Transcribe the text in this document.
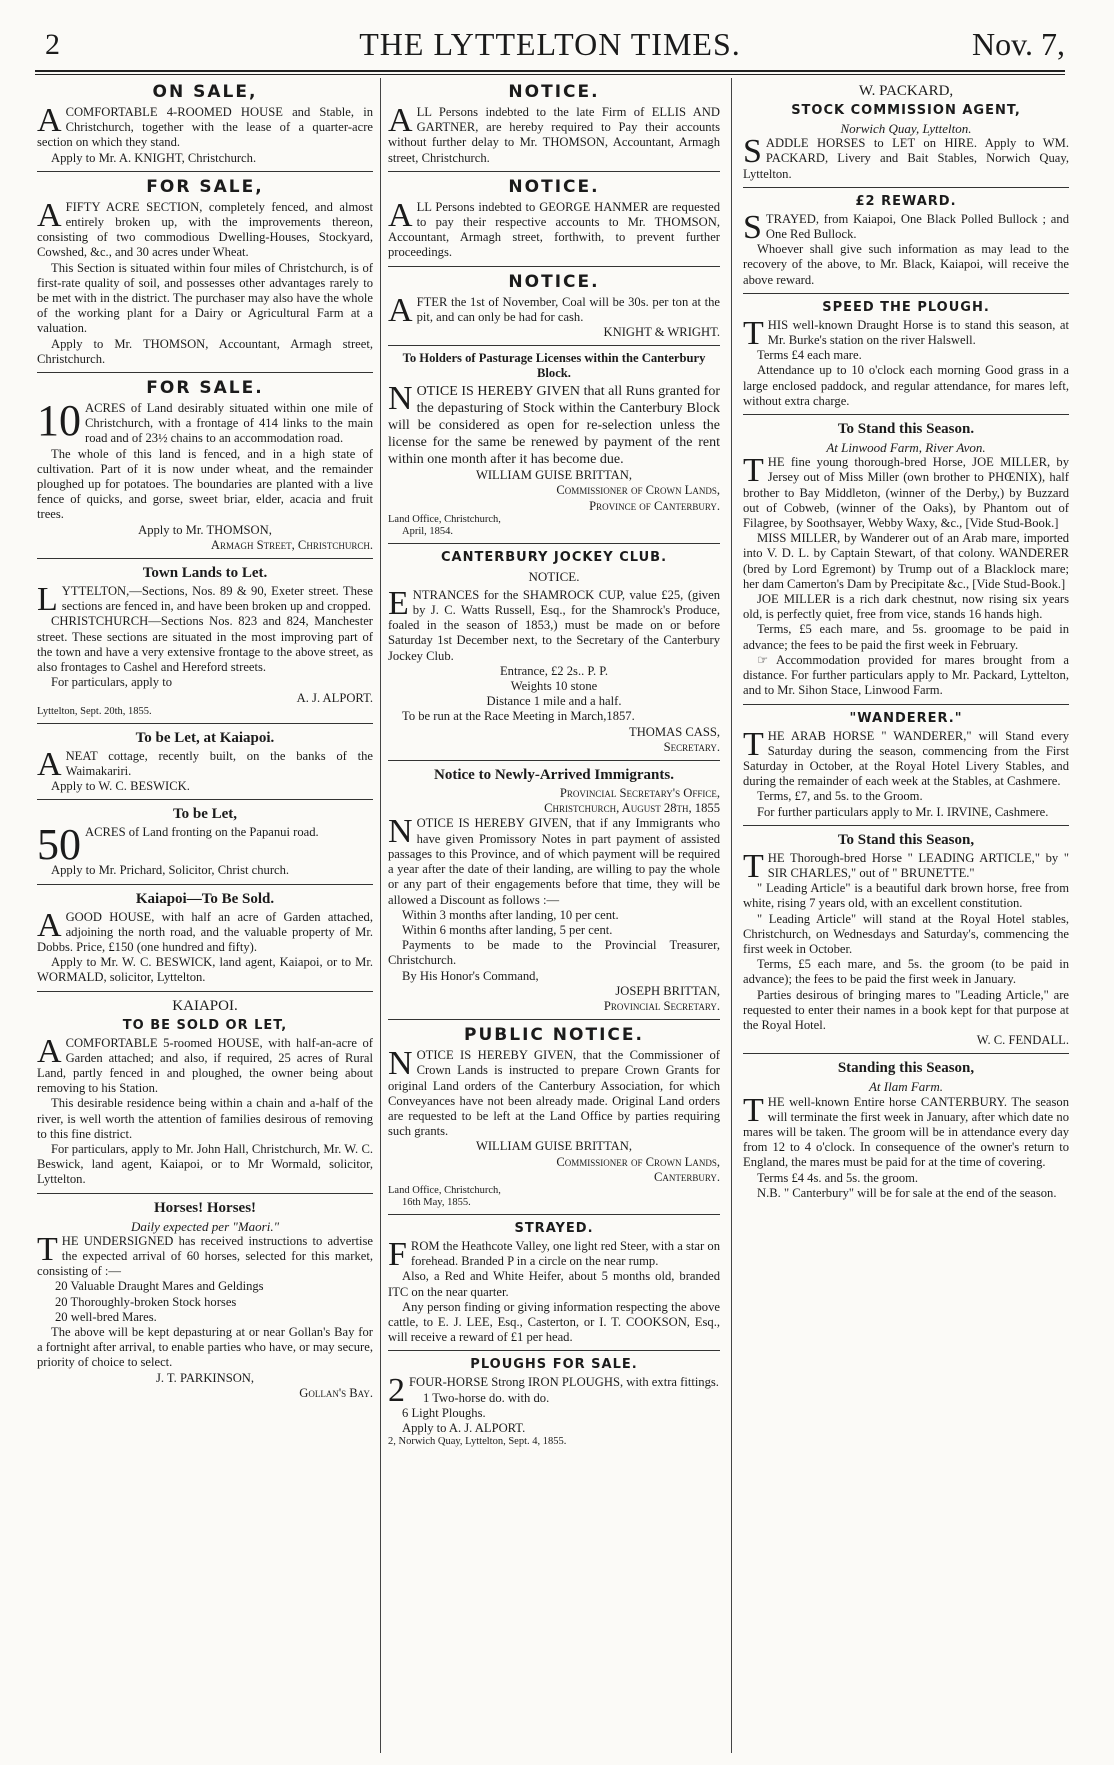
2	THE LYTTELTON TIMES.	Nov. 7,
ON SALE,

ACOMFORTABLE 4-ROOMED HOUSE and Stable, in Christchurch, together with the lease of a quarter-acre section on which they stand.

Apply to Mr. A. KNIGHT, Christchurch.

FOR SALE,

AFIFTY ACRE SECTION, completely fenced, and almost entirely broken up, with the improvements thereon, consisting of two commodious Dwelling-Houses, Stockyard, Cowshed, &c., and 30 acres under Wheat.

This Section is situated within four miles of Christchurch, is of first-rate quality of soil, and possesses other advantages rarely to be met with in the district. The purchaser may also have the whole of the working plant for a Dairy or Agricultural Farm at a valuation.

Apply to Mr. THOMSON, Accountant, Armagh street, Christchurch.

FOR SALE.

10 ACRES of Land desirably situated within one mile of Christchurch, with a frontage of 414 links to the main road and of 23½ chains to an accommodation road.

The whole of this land is fenced, and in a high state of cultivation. Part of it is now under wheat, and the remainder ploughed up for potatoes. The boundaries are planted with a live fence of quicks, and gorse, sweet briar, elder, acacia and fruit trees.

Apply to Mr. THOMSON,

Armagh Street, Christchurch.

Town Lands to Let.

LYTTELTON,—Sections, Nos. 89 & 90, Exeter street. These sections are fenced in, and have been broken up and cropped.

CHRISTCHURCH—Sections Nos. 823 and 824, Manchester street. These sections are situated in the most improving part of the town and have a very extensive frontage to the above street, as also frontages to Cashel and Hereford streets.

For particulars, apply to

A. J. ALPORT.

Lyttelton, Sept. 20th, 1855.

To be Let, at Kaiapoi.

ANEAT cottage, recently built, on the banks of the Waimakariri.

Apply to W. C. BESWICK.

To be Let,

50 ACRES of Land fronting on the Papanui road.

Apply to Mr. Prichard, Solicitor, Christ church.

Kaiapoi—To Be Sold.

AGOOD HOUSE, with half an acre of Garden attached, adjoining the north road, and the valuable property of Mr. Dobbs. Price, £150 (one hundred and fifty).

Apply to Mr. W. C. BESWICK, land agent, Kaiapoi, or to Mr. WORMALD, solicitor, Lyttelton.

KAIAPOI.
TO BE SOLD OR LET,

ACOMFORTABLE 5-roomed HOUSE, with half-an-acre of Garden attached; and also, if required, 25 acres of Rural Land, partly fenced in and ploughed, the owner being about removing to his Station.

This desirable residence being within a chain and a-half of the river, is well worth the attention of families desirous of removing to this fine district.

For particulars, apply to Mr. John Hall, Christchurch, Mr. W. C. Beswick, land agent, Kaiapoi, or to Mr Wormald, solicitor, Lyttelton.

Horses! Horses!
Daily expected per "Maori."

THE UNDERSIGNED has received instructions to advertise the expected arrival of 60 horses, selected for this market, consisting of :—

20 Valuable Draught Mares and Geldings

20 Thoroughly-broken Stock horses

20 well-bred Mares.

The above will be kept depasturing at or near Gollan's Bay for a fortnight after arrival, to enable parties who have, or may secure, priority of choice to select.

J. T. PARKINSON,

Gollan's Bay.

NOTICE.

ALL Persons indebted to the late Firm of ELLIS AND GARTNER, are hereby required to Pay their accounts without further delay to Mr. THOMSON, Accountant, Armagh street, Christchurch.

NOTICE.

ALL Persons indebted to GEORGE HANMER are requested to pay their respective accounts to Mr. THOMSON, Accountant, Armagh street, forthwith, to prevent further proceedings.

NOTICE.

AFTER the 1st of November, Coal will be 30s. per ton at the pit, and can only be had for cash.

KNIGHT & WRIGHT.

To Holders of Pasturage Licenses within the Canterbury Block.

NOTICE IS HEREBY GIVEN that all Runs granted for the depasturing of Stock within the Canterbury Block will be considered as open for re-selection unless the license for the same be renewed by payment of the rent within one month after it has become due.

WILLIAM GUISE BRITTAN,

Commissioner of Crown Lands,

Province of Canterbury.

Land Office, Christchurch,

April, 1854.

CANTERBURY JOCKEY CLUB.
NOTICE.

ENTRANCES for the SHAMROCK CUP, value £25, (given by J. C. Watts Russell, Esq., for the Shamrock's Produce, foaled in the season of 1853,) must be made on or before Saturday 1st December next, to the Secretary of the Canterbury Jockey Club.

Entrance, £2 2s.. P. P.

Weights 10 stone

Distance 1 mile and a half.

To be run at the Race Meeting in March,1857.

THOMAS CASS,

Secretary.

Notice to Newly-Arrived Immigrants.

Provincial Secretary's Office,

Christchurch, August 28th, 1855

NOTICE IS HEREBY GIVEN, that if any Immigrants who have given Promissory Notes in part payment of assisted passages to this Province, and of which payment will be required a year after the date of their landing, are willing to pay the whole or any part of their engagements before that time, they will be allowed a Discount as follows :—

Within 3 months after landing, 10 per cent.

Within 6 months after landing, 5 per cent.

Payments to be made to the Provincial Treasurer, Christchurch.

By His Honor's Command,

JOSEPH BRITTAN,

Provincial Secretary.

PUBLIC NOTICE.

NOTICE IS HEREBY GIVEN, that the Commissioner of Crown Lands is instructed to prepare Crown Grants for original Land orders of the Canterbury Association, for which Conveyances have not been already made. Original Land orders are requested to be left at the Land Office by parties requiring such grants.

WILLIAM GUISE BRITTAN,

Commissioner of Crown Lands,

Canterbury.

Land Office, Christchurch,

16th May, 1855.

STRAYED.

FROM the Heathcote Valley, one light red Steer, with a star on forehead. Branded P in a circle on the near rump.

Also, a Red and White Heifer, about 5 months old, branded ITC on the near quarter.

Any person finding or giving information respecting the above cattle, to E. J. LEE, Esq., Casterton, or I. T. COOKSON, Esq., will receive a reward of £1 per head.

PLOUGHS FOR SALE.

2 FOUR-HORSE Strong IRON PLOUGHS, with extra fittings.

1 Two-horse do. with do.

6 Light Ploughs.

Apply to A. J. ALPORT.

2, Norwich Quay, Lyttelton, Sept. 4, 1855.

W. PACKARD,
STOCK COMMISSION AGENT,
Norwich Quay, Lyttelton.

SADDLE HORSES to LET on HIRE. Apply to WM. PACKARD, Livery and Bait Stables, Norwich Quay, Lyttelton.

£2 REWARD.

STRAYED, from Kaiapoi, One Black Polled Bullock ; and One Red Bullock.

Whoever shall give such information as may lead to the recovery of the above, to Mr. Black, Kaiapoi, will receive the above reward.

SPEED THE PLOUGH.

THIS well-known Draught Horse is to stand this season, at Mr. Burke's station on the river Halswell.

Terms £4 each mare.

Attendance up to 10 o'clock each morning Good grass in a large enclosed paddock, and regular attendance, for mares left, without extra charge.

To Stand this Season.
At Linwood Farm, River Avon.

THE fine young thorough-bred Horse, JOE MILLER, by Jersey out of Miss Miller (own brother to PHŒNIX), half brother to Bay Middleton, (winner of the Derby,) by Buzzard out of Cobweb, (winner of the Oaks), by Phantom out of Filagree, by Soothsayer, Webby Waxy, &c., [Vide Stud-Book.]

MISS MILLER, by Wanderer out of an Arab mare, imported into V. D. L. by Captain Stewart, of that colony. WANDERER (bred by Lord Egremont) by Trump out of a Blacklock mare; her dam Camerton's Dam by Precipitate &c., [Vide Stud-Book.]

JOE MILLER is a rich dark chestnut, now rising six years old, is perfectly quiet, free from vice, stands 16 hands high.

Terms, £5 each mare, and 5s. groomage to be paid in advance; the fees to be paid the first week in February.

☞ Accommodation provided for mares brought from a distance. For further particulars apply to Mr. Packard, Lyttelton, and to Mr. Sihon Stace, Linwood Farm.

"WANDERER."

THE ARAB HORSE " WANDERER," will Stand every Saturday during the season, commencing from the First Saturday in October, at the Royal Hotel Livery Stables, and during the remainder of each week at the Stables, at Cashmere.

Terms, £7, and 5s. to the Groom.

For further particulars apply to Mr. I. IRVINE, Cashmere.

To Stand this Season,

THE Thorough-bred Horse " LEADING ARTICLE," by " SIR CHARLES," out of " BRUNETTE."

" Leading Article" is a beautiful dark brown horse, free from white, rising 7 years old, with an excellent constitution.

" Leading Article" will stand at the Royal Hotel stables, Christchurch, on Wednesdays and Saturday's, commencing the first week in October.

Terms, £5 each mare, and 5s. the groom (to be paid in advance); the fees to be paid the first week in January.

Parties desirous of bringing mares to "Leading Article," are requested to enter their names in a book kept for that purpose at the Royal Hotel.

W. C. FENDALL.

Standing this Season,
At Ilam Farm.

THE well-known Entire horse CANTERBURY. The season will terminate the first week in January, after which date no mares will be taken. The groom will be in attendance every day from 12 to 4 o'clock. In consequence of the owner's return to England, the mares must be paid for at the time of covering.

Terms £4 4s. and 5s. the groom.

N.B. " Canterbury" will be for sale at the end of the season.
